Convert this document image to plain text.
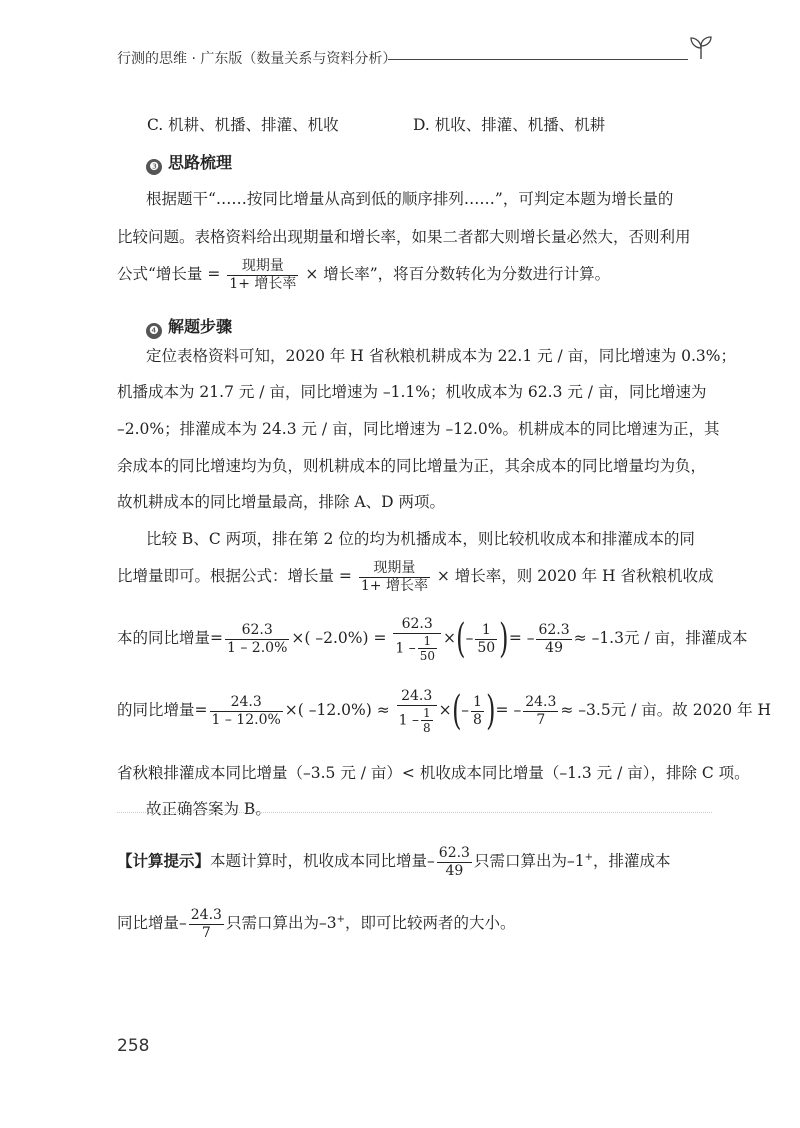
行测的思维 · 广东版（数量关系与资料分析）
C. 机耕、机播、排灌、机收	D. 机收、排灌、机播、机耕
❸ 思路梳理
根据题干“……按同比增量从高到低的顺序排列……”，可判定本题为增长量的
比较问题。表格资料给出现期量和增长率，如果二者都大则增长量必然大，否则利用
公式“增长量 = $\frac{\text{现期量}}{\text{1+ 增长率}}$ × 增长率”，将百分数转化为分数进行计算。
❹ 解题步骤
定位表格资料可知，2020 年 H 省秋粮机耕成本为 22.1 元 / 亩，同比增速为 0.3%；
机播成本为 21.7 元 / 亩，同比增速为 –1.1%；机收成本为 62.3 元 / 亩，同比增速为
–2.0%；排灌成本为 24.3 元 / 亩，同比增速为 –12.0%。机耕成本的同比增速为正，其
余成本的同比增速均为负，则机耕成本的同比增量为正，其余成本的同比增量均为负，
故机耕成本的同比增量最高，排除 A、D 两项。
比较 B、C 两项，排在第 2 位的均为机播成本，则比较机收成本和排灌成本的同
比增量即可。根据公式：增长量 = $\frac{\text{现期量}}{\text{1+ 增长率}}$ × 增长率，则 2020 年 H 省秋粮机收成
本的同比增量= $\frac{62.3}{1 - 2.0\%}$ ×( $-2.0\%) = \frac{62.3}{1 - \frac{1}{50}}$ ×(– $\frac{1}{50}$ )= – $\frac{62.3}{49} \approx -1.3$元 / 亩，排灌成本
的同比增量= $\frac{24.3}{1 - 12.0\%}$ ×( $-12.0\%) \approx \frac{24.3}{1 - \frac{1}{8}}$ ×(– $\frac{1}{8}$ )= – $\frac{24.3}{7} \approx -3.5$元 / 亩。故 2020 年 H
省秋粮排灌成本同比增量（–3.5 元 / 亩）< 机收成本同比增量（–1.3 元 / 亩），排除 C 项。
故正确答案为 B。
【计算提示】本题计算时，机收成本同比增量– $\frac{62.3}{49}$ 只需口算出为–1+，排灌成本
同比增量– $\frac{24.3}{7}$ 只需口算出为–3+，即可比较两者的大小。
258
